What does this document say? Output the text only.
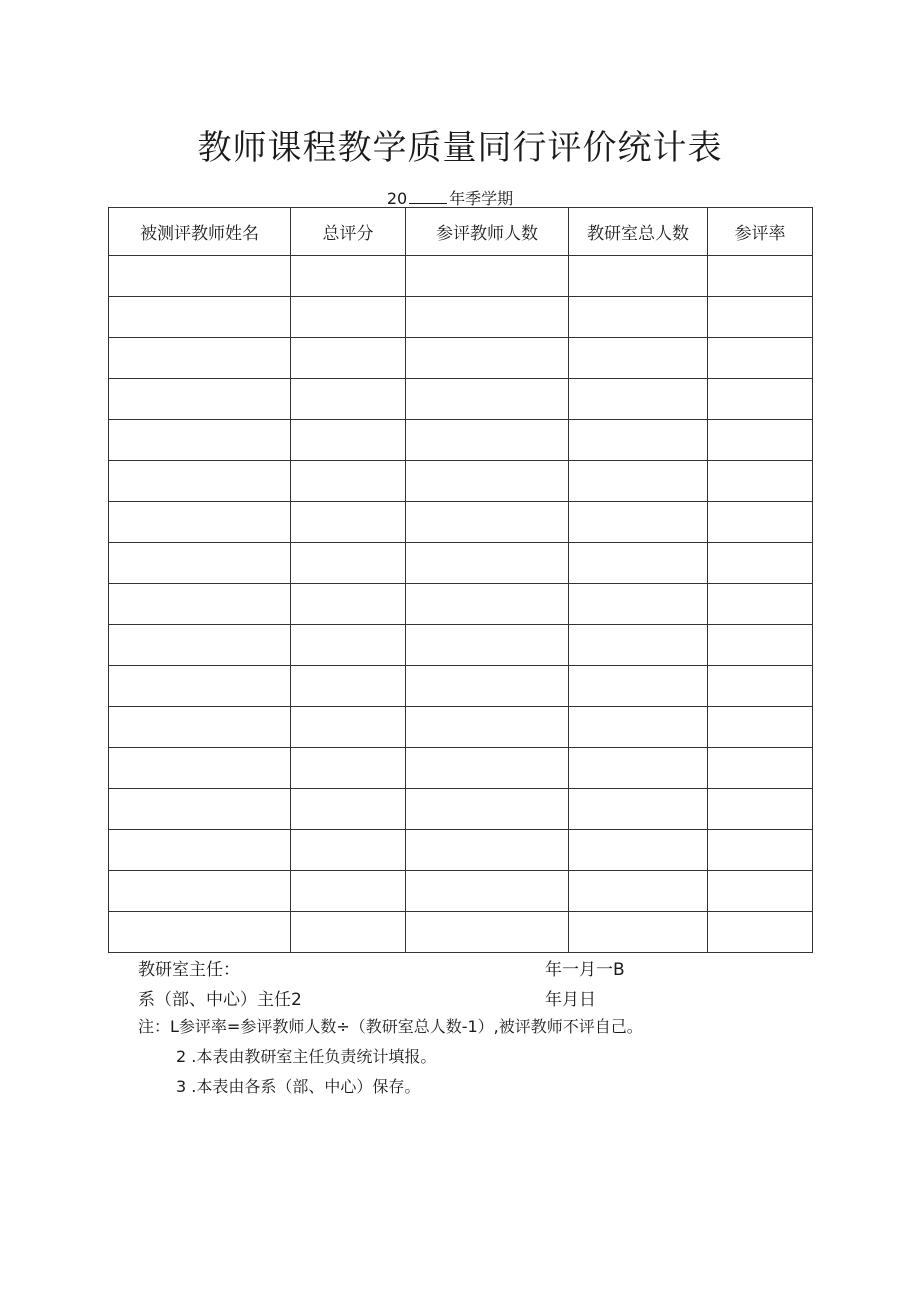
教师课程教学质量同行评价统计表
20	年季学期
被测评教师姓名	总评分	参评教师人数	教研室总人数	参评率

教研室主任：	年一月一B
系（部、中心）主任2	年月日
注：L参评率=参评教师人数÷（教研室总人数-1）,被评教师不评自己。
2 .本表由教研室主任负责统计填报。
3 .本表由各系（部、中心）保存。
